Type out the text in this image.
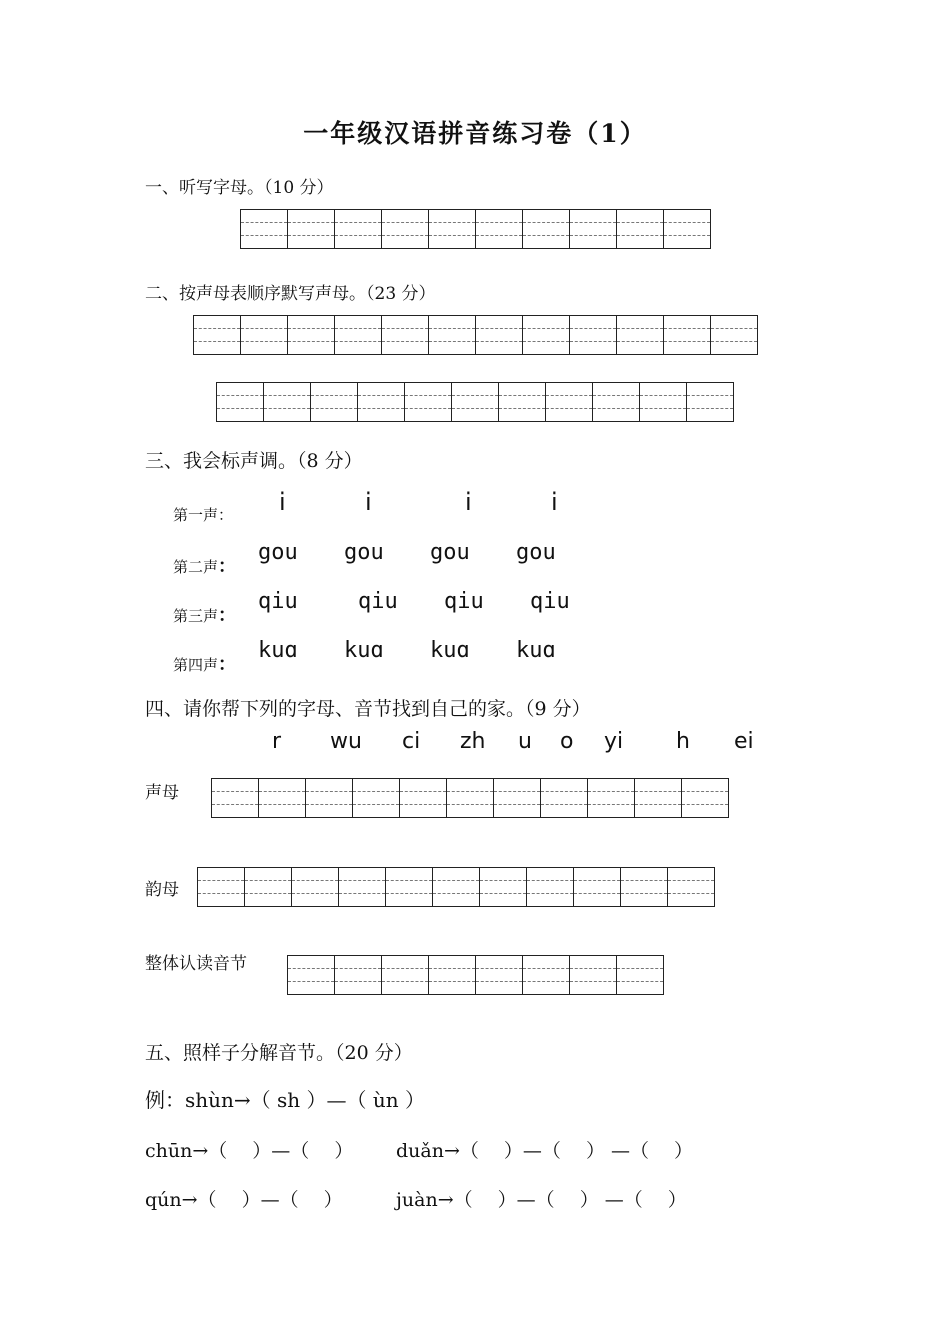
一年级汉语拼音练习卷（1）
一、听写字母。（10 分）
二、按声母表顺序默写声母。（23 分）
三、我会标声调。（8 分）
第一声： i	i	i	i
第二声：
gou gou gou gou
第三声：
qiu	qiu qiu qiu
第四声：
kuɑ kuɑ kuɑ kuɑ
四、请你帮下列的字母、音节找到自己的家。（9 分）
r wu ci zh u o yi h ei
声母
韵母
整体认读音节
五、照样子分解音节。（20 分）
例：shùn→（ sh ）—（ ùn ）
chūn→（　 ）—（　 ） duǎn→（　 ）—（　 ） —（　 ）
qún→（　 ）—（　 ）	juàn→（　 ）—（　 ） —（　 ）
